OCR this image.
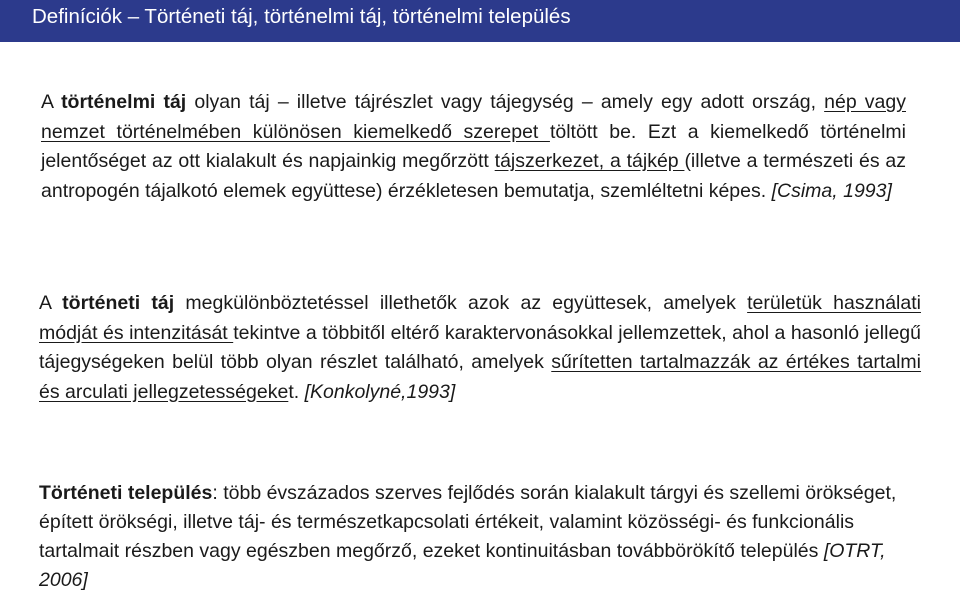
Definíciók – Történeti táj, történelmi táj, történelmi település
A történelmi táj olyan táj – illetve tájrészlet vagy tájegység – amely egy adott ország, nép vagy nemzet történelmében különösen kiemelkedő szerepet töltött be. Ezt a kiemelkedő történelmi jelentőséget az ott kialakult és napjainkig megőrzött tájszerkezet, a tájkép (illetve a természeti és az antropogén tájalkotó elemek együttese) érzékletesen bemutatja, szemléltetni képes. [Csima, 1993]
A történeti táj megkülönböztetéssel illethetők azok az együttesek, amelyek területük használati módját és intenzitását tekintve a többitől eltérő karaktervonásokkal jellemzettek, ahol a hasonló jellegű tájegységeken belül több olyan részlet található, amelyek sűrítetten tartalmazzák az értékes tartalmi és arculati jellegzetességeket. [Konkolyné,1993]
Történeti település: több évszázados szerves fejlődés során kialakult tárgyi és szellemi örökséget, épített örökségi, illetve táj- és természetkapcsolati értékeit, valamint közösségi- és funkcionális tartalmait részben vagy egészben megőrző, ezeket kontinuitásban továbbörökítő település [OTRT, 2006]
